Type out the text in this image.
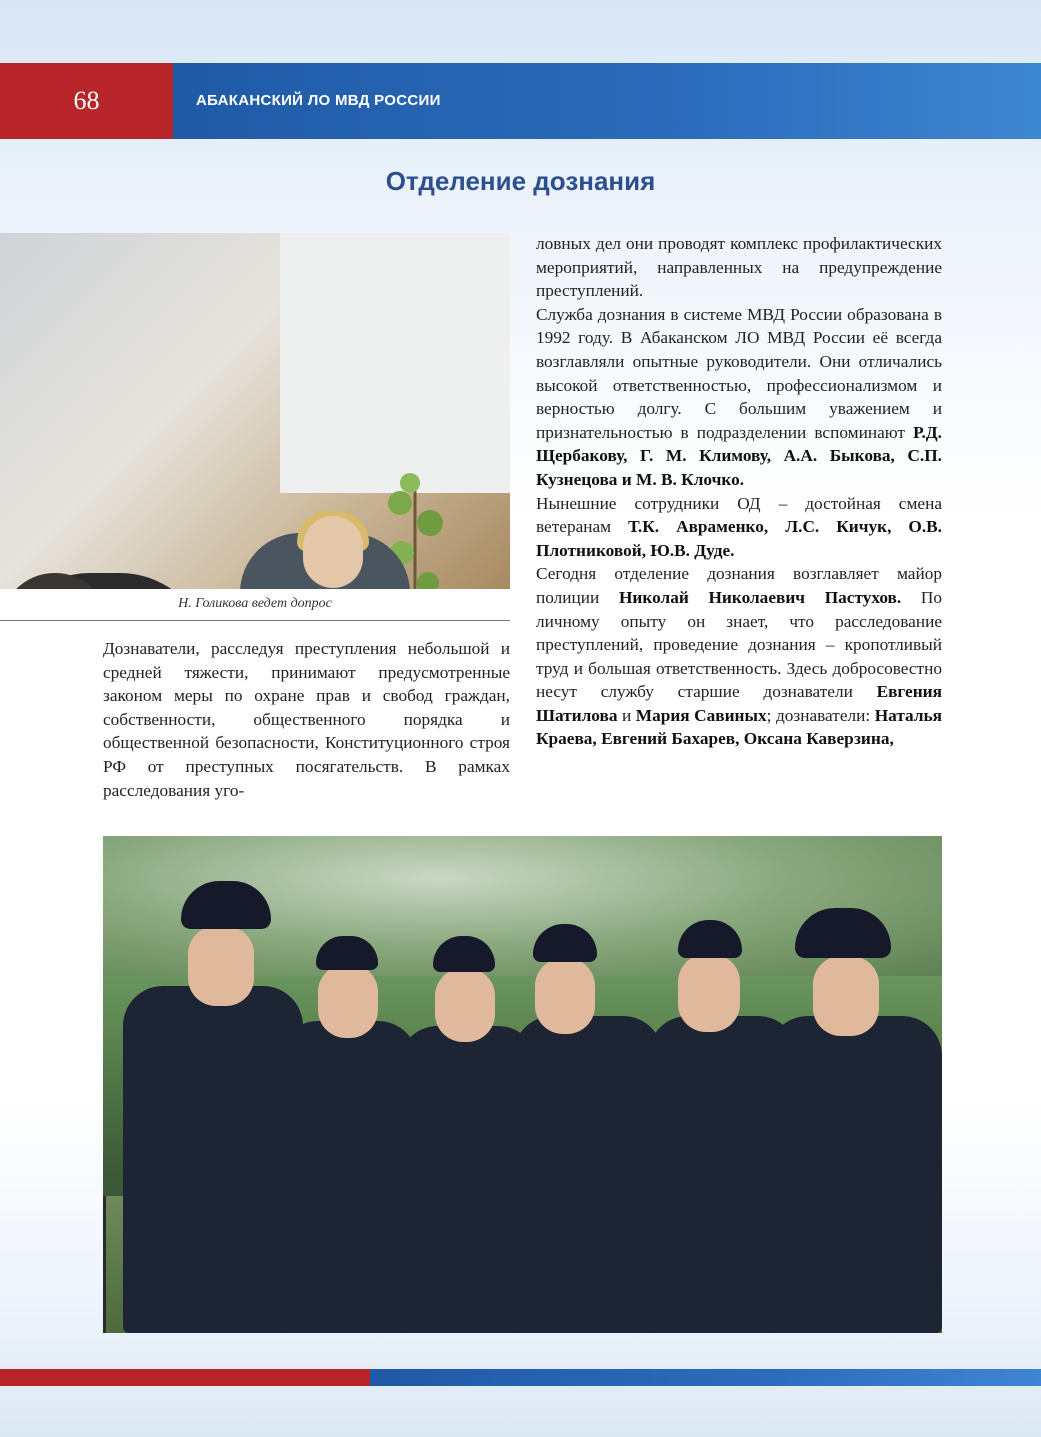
68	АБАКАНСКИЙ ЛО МВД РОССИИ
Отделение дознания
Н. Голикова ведет допрос

Дознаватели, расследуя преступления небольшой и средней тяжести, принимают предусмотренные законом меры по охране прав и свобод граждан, собственности, общественного порядка и общественной безопасности, Конституционного строя РФ от преступных посягательств. В рамках расследования уго-

ловных дел они проводят комплекс профилактических мероприятий, направленных на предупреждение преступлений.

Служба дознания в системе МВД России образована в 1992 году. В Абаканском ЛО МВД России её всегда возглавляли опытные руководители. Они отличались высокой ответственностью, профессионализмом и верностью долгу. С большим уважением и признательностью в подразделении вспоминают Р.Д. Щербакову, Г. М. Климову, А.А. Быкова, С.П. Кузнецова и М. В. Клочко.

Нынешние сотрудники ОД – достойная смена ветеранам Т.К. Авраменко, Л.С. Кичук, О.В. Плотниковой, Ю.В. Дуде.

Сегодня отделение дознания возглавляет майор полиции Николай Николаевич Пастухов. По личному опыту он знает, что расследование преступлений, проведение дознания – кропотливый труд и большая ответственность. Здесь добросовестно несут службу старшие дознаватели Евгения Шатилова и Мария Савиных; дознаватели: Наталья Краева, Евгений Бахарев, Оксана Каверзина,
